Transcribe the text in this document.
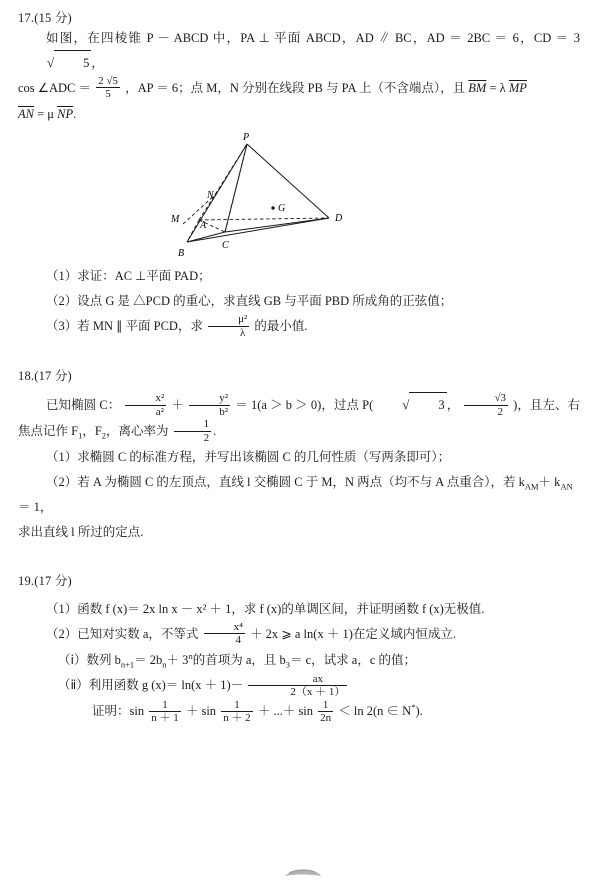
17.(15 分)
如图，在四棱锥 P － ABCD 中，PA ⊥ 平面 ABCD，AD ∥ BC，AD ＝ 2BC ＝ 6，CD ＝ 3√ 5 ，
cos ∠ADC ＝ $\frac{2 √5}{5}$ ，AP ＝ 6；点 M，N 分别在线段 PB 与 PA 上（不含端点），且 $\overline{BM} = \lambda$ $\overline{MP}$
$\overline{AN} = \mu$ $\overline{NP}$.
P
N
A
M
B
C
D
G
（1）求证：AC ⊥平面 PAD；
（2）设点 G 是 △PCD 的重心，求直线 GB 与平面 PBD 所成角的正弦值；
（3）若 MN ∥ 平面 PCD，求 $\frac{\text{μ²}}{\lambda}$ 的最小值.
18.(17 分)
已知椭圆 C： $\frac{\text{x²}}{\text{a²}} + \frac{\text{y²}}{\text{b²}} = 1(a > b > 0)$，过点 P( √ 3 ， $\frac{√3}{2}$ )，且左、右焦点记作 $F_1$，$F_2$，离心率为 $\frac{1}{2}$ .
（1）求椭圆 C 的标准方程，并写出该椭圆 C 的几何性质（写两条即可）；
（2）若 A 为椭圆 C 的左顶点，直线 l 交椭圆 C 于 M，N 两点（均不与 A 点重合），若 $k_{AM}+ k_{AN}= 1$，
求出直线 l 所过的定点.
19.(17 分)
（1）函数 f (x)＝ 2x ln x － x² ＋ 1，求 f (x)的单调区间，并证明函数 f (x)无极值.
（2）已知对实数 a，不等式 $\frac{\text{x⁴}}{4} + 2x$ ⩾ a ln(x ＋ 1)在定义域内恒成立.
（ⅰ）数列 $b_{n+1}= 2b_n+ 3^n$的首项为 a，且 $b_3= c$，试求 a，c 的值；
（ⅱ）利用函数 g $(x)= \ln(x + 1)- \frac{ax}{2(x + 1)}$
证明：$\sin \frac{1}{n + 1} + \sin \frac{1}{n + 2}$ ＋ ...＋ $\sin \frac{1}{2n} < \ln 2(n$ ∈ N*).
